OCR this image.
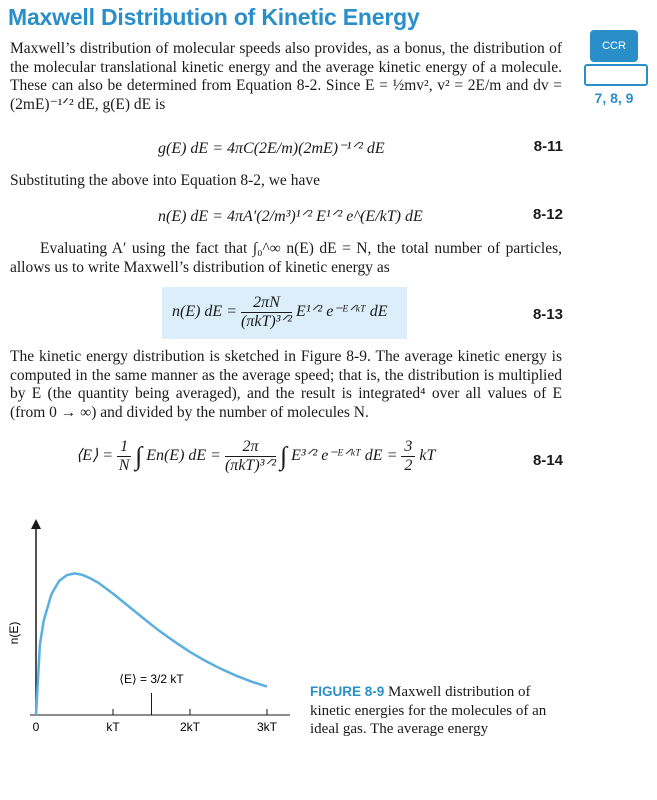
Maxwell Distribution of Kinetic Energy
CCR
7, 8, 9

Maxwell’s distribution of molecular speeds also provides, as a bonus, the distribution of the molecular translational kinetic energy and the average kinetic energy of a molecule. These can also be determined from Equation 8-2. Since E = ½mv², v² = 2E/m and dv = (2mE)⁻¹ᐟ² dE, g(E) dE is

g(E) dE = 4πC(2E/m)(2mE)⁻¹ᐟ² dE	8-11

Substituting the above into Equation 8-2, we have

n(E) dE = 4πA′(2/m³)¹ᐟ² E¹ᐟ² e^(E/kT) dE	8-12

Evaluating A′ using the fact that ∫₀^∞ n(E) dE = N, the total number of particles, allows us to write Maxwell’s distribution of kinetic energy as

n(E) dE = $\frac{2\pi N}{\text{(πkT)³ᐟ²}}$ E¹ᐟ² e⁻ᴱᐟᵏᵀ dE	8-13

The kinetic energy distribution is sketched in Figure 8-9. The average kinetic energy is computed in the same manner as the average speed; that is, the distribution is multiplied by E (the quantity being averaged), and the result is integrated⁴ over all values of E (from 0 → ∞) and divided by the number of molecules N.

⟨E⟩ = $\frac{1}{N}$ ∫ En(E) dE = $\frac{2\pi}{\text{(πkT)³ᐟ²}}$ ∫ E³ᐟ² e⁻ᴱᐟᵏᵀ dE = $\frac{3}{2}$ kT	8-14
n(E)
0	kT	2kT	3kT
⟨E⟩ = 3/2 kT

FIGURE 8-9 Maxwell distribution of kinetic energies for the molecules of an ideal gas. The average energy
